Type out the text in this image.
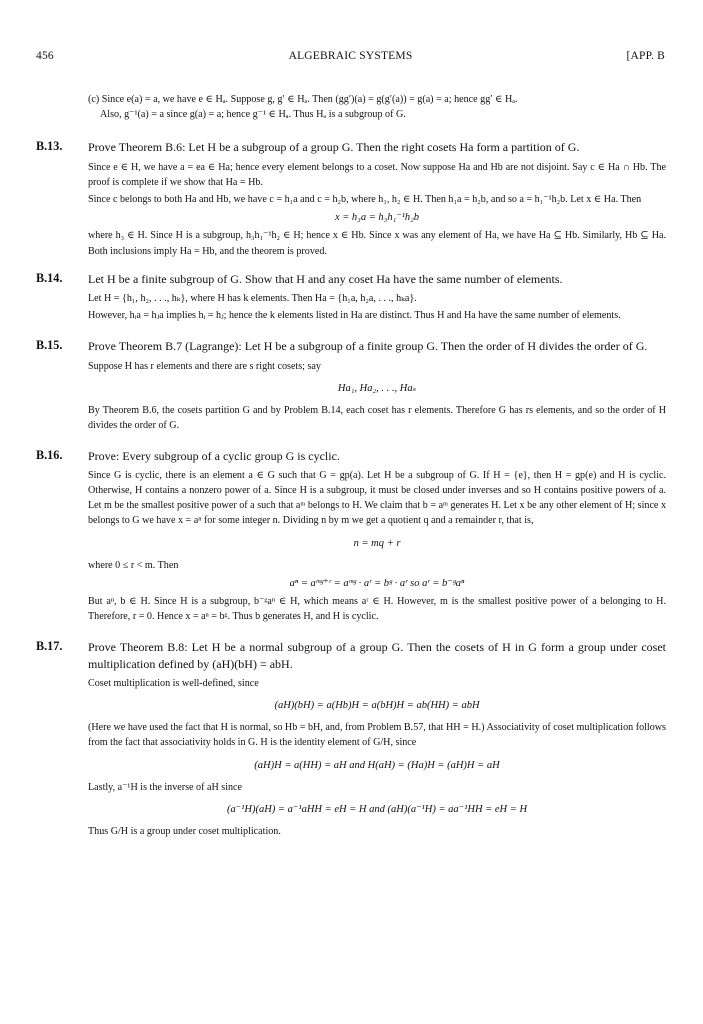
456	ALGEBRAIC SYSTEMS	[APP. B

(c) Since e(a) = a, we have e ∈ Hₐ. Suppose g, g′ ∈ Hₐ. Then (gg′)(a) = g(g′(a)) = g(a) = a; hence gg′ ∈ Hₐ.

Also, g⁻¹(a) = a since g(a) = a; hence g⁻¹ ∈ Hₐ. Thus Hₐ is a subgroup of G.

B.13. Prove Theorem B.6: Let H be a subgroup of a group G. Then the right cosets Ha form a partition of G.

Since e ∈ H, we have a = ea ∈ Ha; hence every element belongs to a coset. Now suppose Ha and Hb are not disjoint. Say c ∈ Ha ∩ Hb. The proof is complete if we show that Ha = Hb.

Since c belongs to both Ha and Hb, we have c = h₁a and c = h₂b, where h₁, h₂ ∈ H. Then h₁a = h₂b, and so a = h₁⁻¹h₂b. Let x ∈ Ha. Then

x = h₃a = h₃h₁⁻¹h₂b

where h₃ ∈ H. Since H is a subgroup, h₃h₁⁻¹h₂ ∈ H; hence x ∈ Hb. Since x was any element of Ha, we have Ha ⊆ Hb. Similarly, Hb ⊆ Ha. Both inclusions imply Ha = Hb, and the theorem is proved.

B.14. Let H be a finite subgroup of G. Show that H and any coset Ha have the same number of elements.

Let H = {h₁, h₂, . . ., hₖ}, where H has k elements. Then Ha = {h₁a, h₂a, . . ., hₖa}.

However, hᵢa = hⱼa implies hᵢ = hⱼ; hence the k elements listed in Ha are distinct. Thus H and Ha have the same number of elements.

B.15. Prove Theorem B.7 (Lagrange): Let H be a subgroup of a finite group G. Then the order of H divides the order of G.

Suppose H has r elements and there are s right cosets; say

Ha₁, Ha₂, . . ., Haₛ

By Theorem B.6, the cosets partition G and by Problem B.14, each coset has r elements. Therefore G has rs elements, and so the order of H divides the order of G.

B.16. Prove: Every subgroup of a cyclic group G is cyclic.

Since G is cyclic, there is an element a ∈ G such that G = gp(a). Let H be a subgroup of G. If H = {e}, then H = gp(e) and H is cyclic. Otherwise, H contains a nonzero power of a. Since H is a subgroup, it must be closed under inverses and so H contains positive powers of a. Let m be the smallest positive power of a such that aᵐ belongs to H. We claim that b = aᵐ generates H. Let x be any other element of H; since x belongs to G we have x = aⁿ for some integer n. Dividing n by m we get a quotient q and a remainder r, that is,

n = mq + r

where 0 ≤ r < m. Then

aⁿ = aᵐᵍ⁺ʳ = aᵐᵍ · aʳ = bᵍ · aʳ so aʳ = b⁻ᵍaⁿ

But aⁿ, b ∈ H. Since H is a subgroup, b⁻ᵍaⁿ ∈ H, which means aʳ ∈ H. However, m is the smallest positive power of a belonging to H. Therefore, r = 0. Hence x = aⁿ = bᵍ. Thus b generates H, and H is cyclic.

B.17. Prove Theorem B.8: Let H be a normal subgroup of a group G. Then the cosets of H in G form a group under coset multiplication defined by (aH)(bH) = abH.

Coset multiplication is well-defined, since

(aH)(bH) = a(Hb)H = a(bH)H = ab(HH) = abH

(Here we have used the fact that H is normal, so Hb = bH, and, from Problem B.57, that HH = H.) Associativity of coset multiplication follows from the fact that associativity holds in G. H is the identity element of G/H, since

(aH)H = a(HH) = aH and H(aH) = (Ha)H = (aH)H = aH

Lastly, a⁻¹H is the inverse of aH since

(a⁻¹H)(aH) = a⁻¹aHH = eH = H and (aH)(a⁻¹H) = aa⁻¹HH = eH = H

Thus G/H is a group under coset multiplication.
